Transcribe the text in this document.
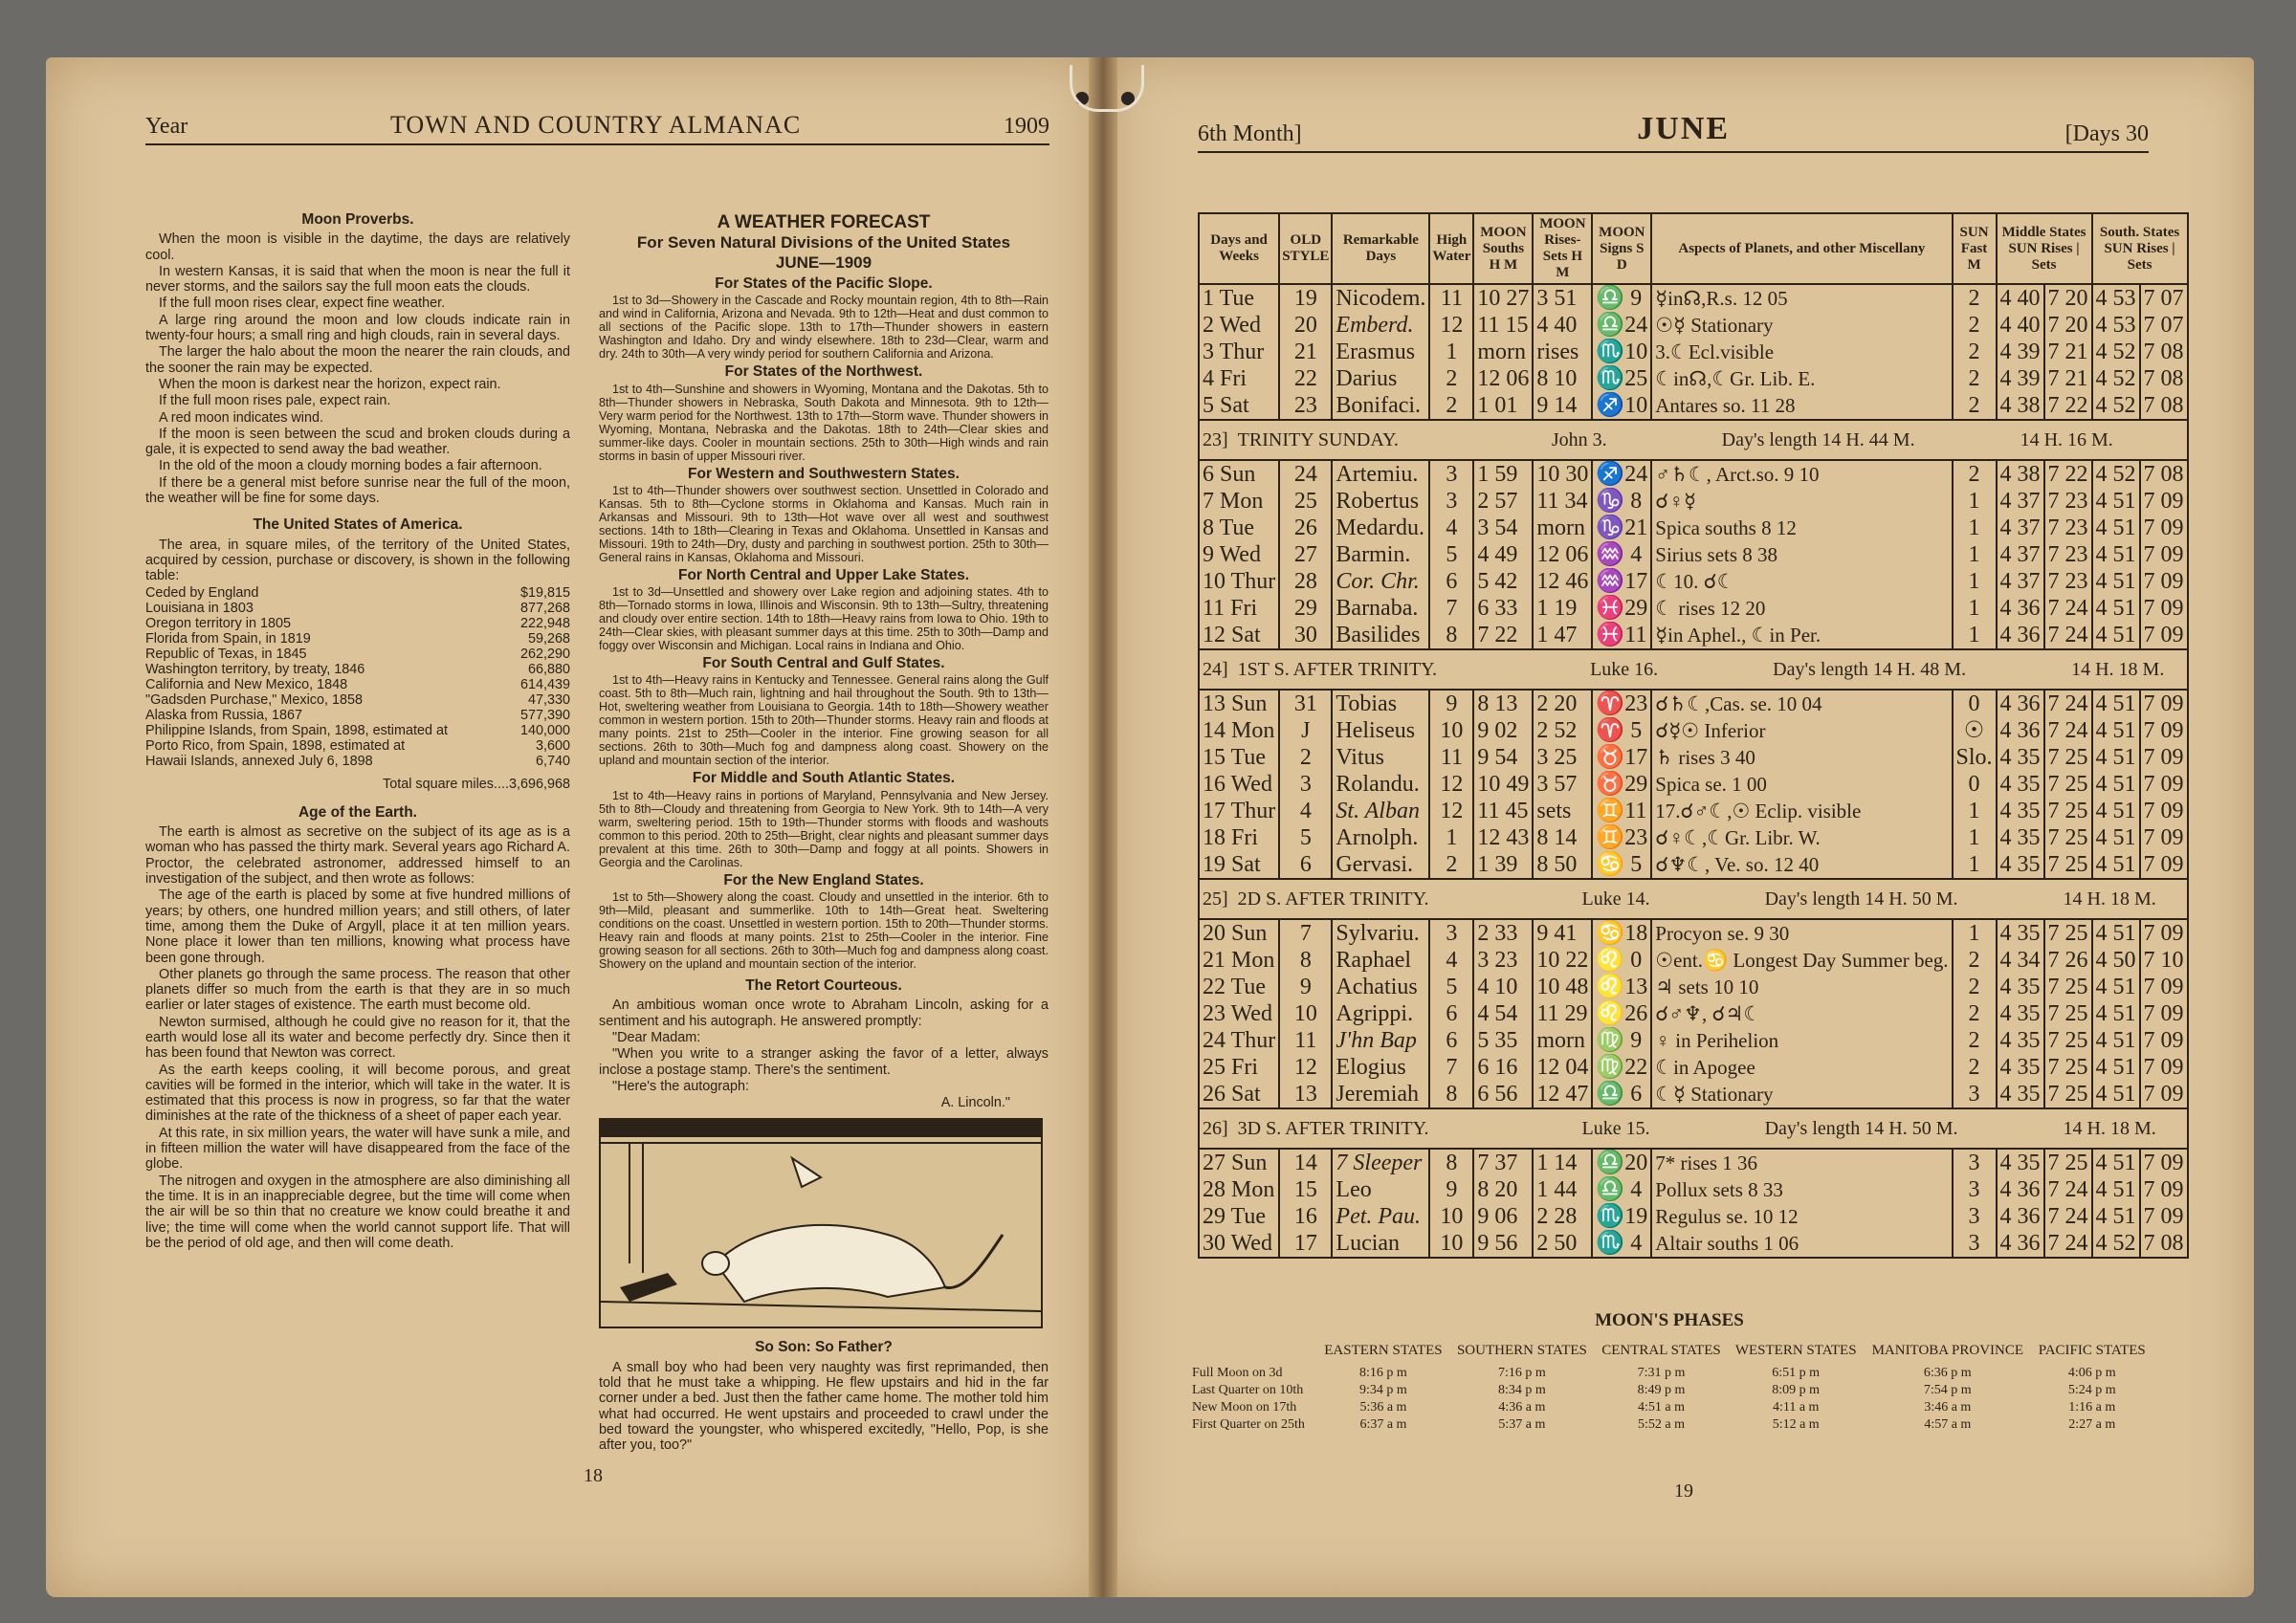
Year	TOWN AND COUNTRY ALMANAC	1909
Moon Proverbs.

When the moon is visible in the daytime, the days are relatively cool.

In western Kansas, it is said that when the moon is near the full it never storms, and the sailors say the full moon eats the clouds.

If the full moon rises clear, expect fine weather.

A large ring around the moon and low clouds indicate rain in twenty-four hours; a small ring and high clouds, rain in several days.

The larger the halo about the moon the nearer the rain clouds, and the sooner the rain may be expected.

When the moon is darkest near the horizon, expect rain.

If the full moon rises pale, expect rain.

A red moon indicates wind.

If the moon is seen between the scud and broken clouds during a gale, it is expected to send away the bad weather.

In the old of the moon a cloudy morning bodes a fair afternoon.

If there be a general mist before sunrise near the full of the moon, the weather will be fine for some days.

The United States of America.

The area, in square miles, of the territory of the United States, acquired by cession, purchase or discovery, is shown in the following table:

Ceded by England	$19,815
Louisiana in 1803	877,268
Oregon territory in 1805	222,948
Florida from Spain, in 1819	59,268
Republic of Texas, in 1845	262,290
Washington territory, by treaty, 1846	66,880
California and New Mexico, 1848	614,439
"Gadsden Purchase," Mexico, 1858	47,330
Alaska from Russia, 1867	577,390
Philippine Islands, from Spain, 1898, estimated at	140,000
Porto Rico, from Spain, 1898, estimated at	3,600
Hawaii Islands, annexed July 6, 1898	6,740
Total square miles....3,696,968
Age of the Earth.

The earth is almost as secretive on the subject of its age as is a woman who has passed the thirty mark. Several years ago Richard A. Proctor, the celebrated astronomer, addressed himself to an investigation of the subject, and then wrote as follows:

The age of the earth is placed by some at five hundred millions of years; by others, one hundred million years; and still others, of later time, among them the Duke of Argyll, place it at ten million years. None place it lower than ten millions, knowing what process have been gone through.

Other planets go through the same process. The reason that other planets differ so much from the earth is that they are in so much earlier or later stages of existence. The earth must become old.

Newton surmised, although he could give no reason for it, that the earth would lose all its water and become perfectly dry. Since then it has been found that Newton was correct.

As the earth keeps cooling, it will become porous, and great cavities will be formed in the interior, which will take in the water. It is estimated that this process is now in progress, so far that the water diminishes at the rate of the thickness of a sheet of paper each year.

At this rate, in six million years, the water will have sunk a mile, and in fifteen million the water will have disappeared from the face of the globe.

The nitrogen and oxygen in the atmosphere are also diminishing all the time. It is in an inappreciable degree, but the time will come when the air will be so thin that no creature we know could breathe it and live; the time will come when the world cannot support life. That will be the period of old age, and then will come death.

A WEATHER FORECAST
For Seven Natural Divisions of the United States
JUNE—1909
For States of the Pacific Slope.

1st to 3d—Showery in the Cascade and Rocky mountain region, 4th to 8th—Rain and wind in California, Arizona and Nevada. 9th to 12th—Heat and dust common to all sections of the Pacific slope. 13th to 17th—Thunder showers in eastern Washington and Idaho. Dry and windy elsewhere. 18th to 23d—Clear, warm and dry. 24th to 30th—A very windy period for southern California and Arizona.

For States of the Northwest.

1st to 4th—Sunshine and showers in Wyoming, Montana and the Dakotas. 5th to 8th—Thunder showers in Nebraska, South Dakota and Minnesota. 9th to 12th—Very warm period for the Northwest. 13th to 17th—Storm wave. Thunder showers in Wyoming, Montana, Nebraska and the Dakotas. 18th to 24th—Clear skies and summer-like days. Cooler in mountain sections. 25th to 30th—High winds and rain storms in basin of upper Missouri river.

For Western and Southwestern States.

1st to 4th—Thunder showers over southwest section. Unsettled in Colorado and Kansas. 5th to 8th—Cyclone storms in Oklahoma and Kansas. Much rain in Arkansas and Missouri. 9th to 13th—Hot wave over all west and southwest sections. 14th to 18th—Clearing in Texas and Oklahoma. Unsettled in Kansas and Missouri. 19th to 24th—Dry, dusty and parching in southwest portion. 25th to 30th—General rains in Kansas, Oklahoma and Missouri.

For North Central and Upper Lake States.

1st to 3d—Unsettled and showery over Lake region and adjoining states. 4th to 8th—Tornado storms in Iowa, Illinois and Wisconsin. 9th to 13th—Sultry, threatening and cloudy over entire section. 14th to 18th—Heavy rains from Iowa to Ohio. 19th to 24th—Clear skies, with pleasant summer days at this time. 25th to 30th—Damp and foggy over Wisconsin and Michigan. Local rains in Indiana and Ohio.

For South Central and Gulf States.

1st to 4th—Heavy rains in Kentucky and Tennessee. General rains along the Gulf coast. 5th to 8th—Much rain, lightning and hail throughout the South. 9th to 13th—Hot, sweltering weather from Louisiana to Georgia. 14th to 18th—Showery weather common in western portion. 15th to 20th—Thunder storms. Heavy rain and floods at many points. 21st to 25th—Cooler in the interior. Fine growing season for all sections. 26th to 30th—Much fog and dampness along coast. Showery on the upland and mountain section of the interior.

For Middle and South Atlantic States.

1st to 4th—Heavy rains in portions of Maryland, Pennsylvania and New Jersey. 5th to 8th—Cloudy and threatening from Georgia to New York. 9th to 14th—A very warm, sweltering period. 15th to 19th—Thunder storms with floods and washouts common to this period. 20th to 25th—Bright, clear nights and pleasant summer days prevalent at this time. 26th to 30th—Damp and foggy at all points. Showers in Georgia and the Carolinas.

For the New England States.

1st to 5th—Showery along the coast. Cloudy and unsettled in the interior. 6th to 9th—Mild, pleasant and summerlike. 10th to 14th—Great heat. Sweltering conditions on the coast. Unsettled in western portion. 15th to 20th—Thunder storms. Heavy rain and floods at many points. 21st to 25th—Cooler in the interior. Fine growing season for all sections. 26th to 30th—Much fog and dampness along coast. Showery on the upland and mountain section of the interior.

The Retort Courteous.

An ambitious woman once wrote to Abraham Lincoln, asking for a sentiment and his autograph. He answered promptly:

"Dear Madam:

"When you write to a stranger asking the favor of a letter, always inclose a postage stamp. There's the sentiment.

"Here's the autograph:

A. Lincoln."
So Son: So Father?

A small boy who had been very naughty was first reprimanded, then told that he must take a whipping. He flew upstairs and hid in the far corner under a bed. Just then the father came home. The mother told him what had occurred. He went upstairs and proceeded to crawl under the bed toward the youngster, who whispered excitedly, "Hello, Pop, is she after you, too?"

18
6th Month]	JUNE	[Days 30
Days and Weeks	OLD STYLE	Remarkable Days	High Water	MOON Souths H M	MOON Rises-Sets H M	MOON Signs S D	Aspects of Planets, and other Miscellany	SUN Fast M	Middle States SUN Rises | Sets		South. States SUN Rises | Sets	
1 Tue	19	Nicodem.	11	10 27	3 51	♎ 9	☿in☊,R.s. 12 05	2	4 40	7 20	4 53	7 07
2 Wed	20	Emberd.	12	11 15	4 40	♎24	☉☿ Stationary	2	4 40	7 20	4 53	7 07
3 Thur	21	Erasmus	1	morn	rises	♏10	3.☾Ecl.visible	2	4 39	7 21	4 52	7 08
4 Fri	22	Darius	2	12 06	8 10	♏25	☾in☊,☾Gr. Lib. E.	2	4 39	7 21	4 52	7 08
5 Sat	23	Bonifaci.	2	1 01	9 14	♐10	Antares so. 11 28	2	4 38	7 22	4 52	7 08
23] TRINITY SUNDAY. John 3. Day's length 14 H. 44 M. 14 H. 16 M.												
6 Sun	24	Artemiu.	3	1 59	10 30	♐24	♂♄☾, Arct.so. 9 10	2	4 38	7 22	4 52	7 08
7 Mon	25	Robertus	3	2 57	11 34	♑ 8	☌♀☿	1	4 37	7 23	4 51	7 09
8 Tue	26	Medardu.	4	3 54	morn	♑21	Spica souths 8 12	1	4 37	7 23	4 51	7 09
9 Wed	27	Barmin.	5	4 49	12 06	♒ 4	Sirius sets 8 38	1	4 37	7 23	4 51	7 09
10 Thur	28	Cor. Chr.	6	5 42	12 46	♒17	☾10. ☌☾	1	4 37	7 23	4 51	7 09
11 Fri	29	Barnaba.	7	6 33	1 19	♓29	☾ rises 12 20	1	4 36	7 24	4 51	7 09
12 Sat	30	Basilides	8	7 22	1 47	♓11	☿in Aphel., ☾in Per.	1	4 36	7 24	4 51	7 09
24] 1ST S. AFTER TRINITY. Luke 16. Day's length 14 H. 48 M. 14 H. 18 M.												
13 Sun	31	Tobias	9	8 13	2 20	♈23	☌♄☾,Cas. se. 10 04	0	4 36	7 24	4 51	7 09
14 Mon	J	Heliseus	10	9 02	2 52	♈ 5	☌☿☉ Inferior	☉	4 36	7 24	4 51	7 09
15 Tue	2	Vitus	11	9 54	3 25	♉17	♄ rises 3 40	Slo.	4 35	7 25	4 51	7 09
16 Wed	3	Rolandu.	12	10 49	3 57	♉29	Spica se. 1 00	0	4 35	7 25	4 51	7 09
17 Thur	4	St. Alban	12	11 45	sets	♊11	17.☌♂☾,☉ Eclip. visible	1	4 35	7 25	4 51	7 09
18 Fri	5	Arnolph.	1	12 43	8 14	♊23	☌♀☾,☾Gr. Libr. W.	1	4 35	7 25	4 51	7 09
19 Sat	6	Gervasi.	2	1 39	8 50	♋ 5	☌♆☾, Ve. so. 12 40	1	4 35	7 25	4 51	7 09
25] 2D S. AFTER TRINITY. Luke 14. Day's length 14 H. 50 M. 14 H. 18 M.												
20 Sun	7	Sylvariu.	3	2 33	9 41	♋18	Procyon se. 9 30	1	4 35	7 25	4 51	7 09
21 Mon	8	Raphael	4	3 23	10 22	♌ 0	☉ent.♋ Longest Day Summer beg.	2	4 34	7 26	4 50	7 10
22 Tue	9	Achatius	5	4 10	10 48	♌13	♃ sets 10 10	2	4 35	7 25	4 51	7 09
23 Wed	10	Agrippi.	6	4 54	11 29	♌26	☌♂♆, ☌♃☾	2	4 35	7 25	4 51	7 09
24 Thur	11	J'hn Bap	6	5 35	morn	♍ 9	♀ in Perihelion	2	4 35	7 25	4 51	7 09
25 Fri	12	Elogius	7	6 16	12 04	♍22	☾in Apogee	2	4 35	7 25	4 51	7 09
26 Sat	13	Jeremiah	8	6 56	12 47	♎ 6	☾☿ Stationary	3	4 35	7 25	4 51	7 09
26] 3D S. AFTER TRINITY. Luke 15. Day's length 14 H. 50 M. 14 H. 18 M.												
27 Sun	14	7 Sleeper	8	7 37	1 14	♎20	7* rises 1 36	3	4 35	7 25	4 51	7 09
28 Mon	15	Leo	9	8 20	1 44	♎ 4	Pollux sets 8 33	3	4 36	7 24	4 51	7 09
29 Tue	16	Pet. Pau.	10	9 06	2 28	♏19	Regulus se. 10 12	3	4 36	7 24	4 51	7 09
30 Wed	17	Lucian	10	9 56	2 50	♏ 4	Altair souths 1 06	3	4 36	7 24	4 52	7 08
MOON'S PHASES
	EASTERN STATES	SOUTHERN STATES	CENTRAL STATES	WESTERN STATES	MANITOBA PROVINCE	PACIFIC STATES
Full Moon on 3d	8:16 p m	7:16 p m	7:31 p m	6:51 p m	6:36 p m	4:06 p m
Last Quarter on 10th	9:34 p m	8:34 p m	8:49 p m	8:09 p m	7:54 p m	5:24 p m
New Moon on 17th	5:36 a m	4:36 a m	4:51 a m	4:11 a m	3:46 a m	1:16 a m
First Quarter on 25th	6:37 a m	5:37 a m	5:52 a m	5:12 a m	4:57 a m	2:27 a m
19
